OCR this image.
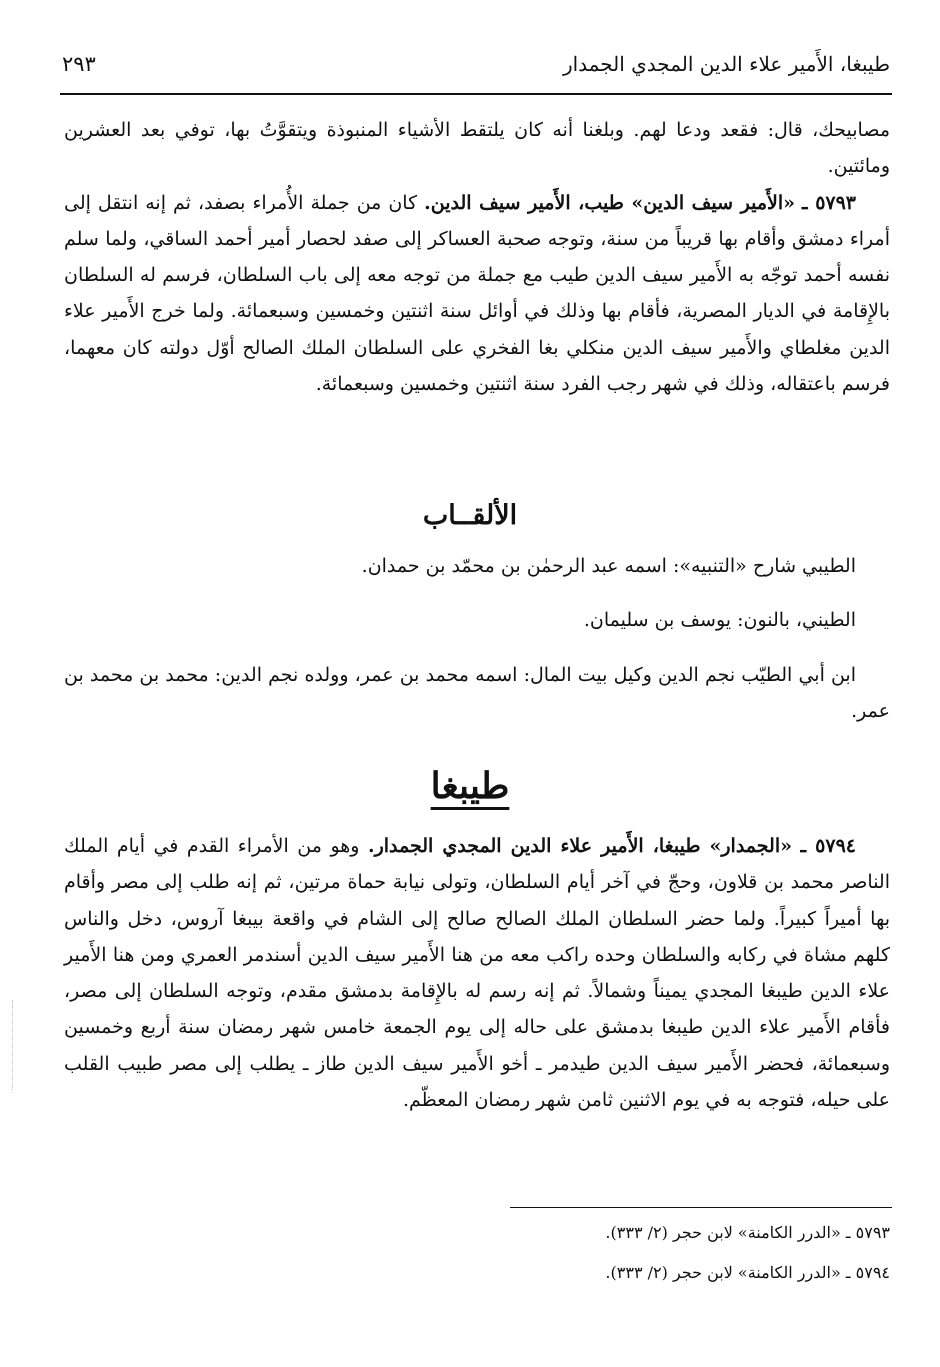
طيبغا، الأَمير علاء الدين المجدي الجمدار
٢٩٣

مصابيحك، قال: فقعد ودعا لهم. وبلغنا أنه كان يلتقط الأشياء المنبوذة ويتقوَّتُ بها، توفي بعد العشرين ومائتين.

٥٧٩٣ ـ «الأَمير سيف الدين» طيب، الأَمير سيف الدين. كان من جملة الأُمراء بصفد، ثم إنه انتقل إلى أمراء دمشق وأقام بها قريباً من سنة، وتوجه صحبة العساكر إلى صفد لحصار أمير أحمد الساقي، ولما سلم نفسه أحمد توجّه به الأَمير سيف الدين طيب مع جملة من توجه معه إلى باب السلطان، فرسم له السلطان بالإِقامة في الديار المصرية، فأقام بها وذلك في أوائل سنة اثنتين وخمسين وسبعمائة. ولما خرج الأَمير علاء الدين مغلطاي والأَمير سيف الدين منكلي بغا الفخري على السلطان الملك الصالح أوّل دولته كان معهما، فرسم باعتقاله، وذلك في شهر رجب الفرد سنة اثنتين وخمسين وسبعمائة.

الألقــاب

الطيبي شارح «التنبيه»: اسمه عبد الرحمٰن بن محمّد بن حمدان.

الطيني، بالنون: يوسف بن سليمان.

ابن أبي الطيّب نجم الدين وكيل بيت المال: اسمه محمد بن عمر، وولده نجم الدين: محمد بن محمد بن عمر.

طيبغا

٥٧٩٤ ـ «الجمدار» طيبغا، الأَمير علاء الدين المجدي الجمدار. وهو من الأمراء القدم في أيام الملك الناصر محمد بن قلاون، وحجّ في آخر أيام السلطان، وتولى نيابة حماة مرتين، ثم إنه طلب إلى مصر وأقام بها أميراً كبيراً. ولما حضر السلطان الملك الصالح صالح إلى الشام في واقعة بيبغا آروس، دخل والناس كلهم مشاة في ركابه والسلطان وحده راكب معه من هنا الأَمير سيف الدين أسندمر العمري ومن هنا الأَمير علاء الدين طيبغا المجدي يميناً وشمالاً. ثم إنه رسم له بالإِقامة بدمشق مقدم، وتوجه السلطان إلى مصر، فأقام الأَمير علاء الدين طيبغا بدمشق على حاله إلى يوم الجمعة خامس شهر رمضان سنة أربع وخمسين وسبعمائة، فحضر الأَمير سيف الدين طيدمر ـ أخو الأَمير سيف الدين طاز ـ يطلب إلى مصر طبيب القلب على حيله، فتوجه به في يوم الاثنين ثامن شهر رمضان المعظّم.

٥٧٩٣ ـ «الدرر الكامنة» لابن حجر (٢/ ٣٣٣).

٥٧٩٤ ـ «الدرر الكامنة» لابن حجر (٢/ ٣٣٣).
